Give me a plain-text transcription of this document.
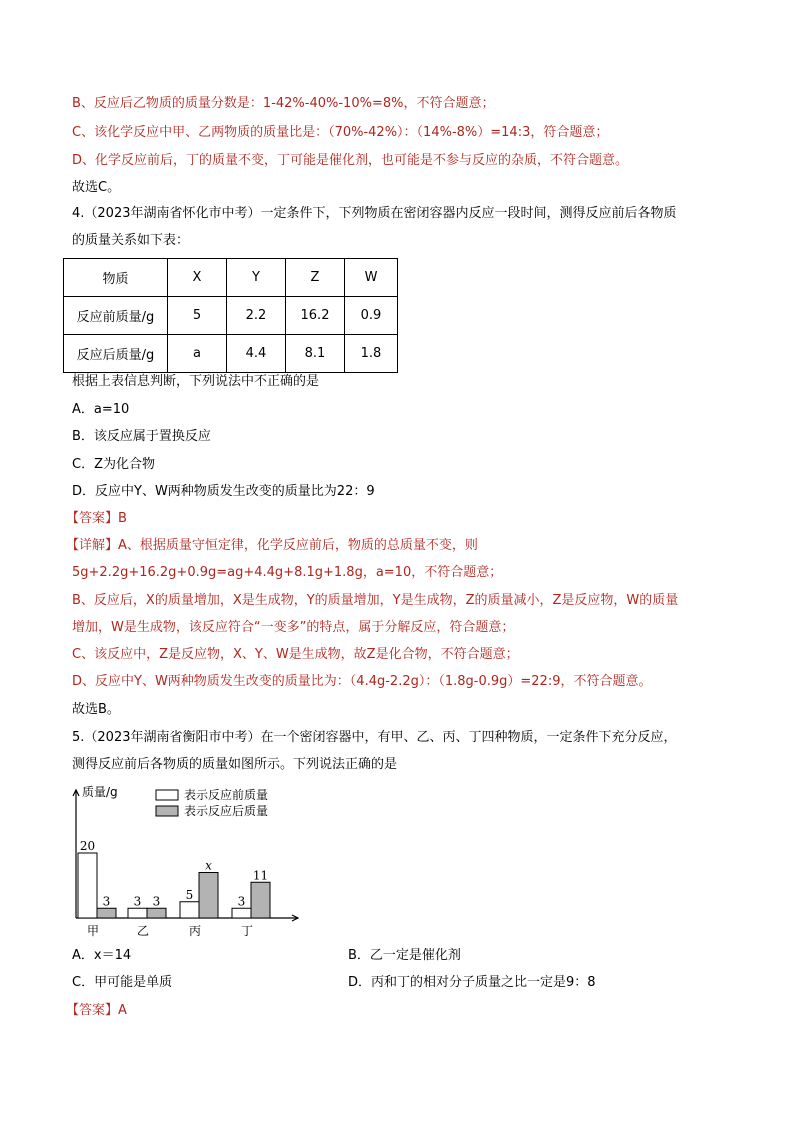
B、反应后乙物质的质量分数是：1-42%-40%-10%=8%，不符合题意；
C、该化学反应中甲、乙两物质的质量比是：（70%-42%）：（14%-8%）=14:3，符合题意；
D、化学反应前后，丁的质量不变，丁可能是催化剂，也可能是不参与反应的杂质，不符合题意。
故选C。
4.（2023年湖南省怀化市中考）一定条件下，下列物质在密闭容器内反应一段时间，测得反应前后各物质
的质量关系如下表：
物质	X	Y	Z	W
反应前质量/g	5	2.2	16.2	0.9
反应后质量/g	a	4.4	8.1	1.8
根据上表信息判断，下列说法中不正确的是
A．a=10
B．该反应属于置换反应
C．Z为化合物
D．反应中Y、W两种物质发生改变的质量比为22：9
【答案】B
【详解】A、根据质量守恒定律，化学反应前后，物质的总质量不变，则
5g+2.2g+16.2g+0.9g=ag+4.4g+8.1g+1.8g，a=10，不符合题意；
B、反应后，X的质量增加，X是生成物，Y的质量增加，Y是生成物，Z的质量减小，Z是反应物，W的质量
增加，W是生成物，该反应符合“一变多”的特点，属于分解反应，符合题意；
C、该反应中，Z是反应物，X、Y、W是生成物，故Z是化合物，不符合题意；
D、反应中Y、W两种物质发生改变的质量比为：（4.4g-2.2g）：（1.8g-0.9g）=22:9，不符合题意。
故选B。
5.（2023年湖南省衡阳市中考）在一个密闭容器中，有甲、乙、丙、丁四种物质，一定条件下充分反应，
测得反应前后各物质的质量如图所示。下列说法正确的是
质量/g	表示反应前质量
表示反应后质量
20
3
甲
3 3
乙
5
x
丙
3
11
丁
A．x＝14	B．乙一定是催化剂
C．甲可能是单质	D．丙和丁的相对分子质量之比一定是9：8
【答案】A
